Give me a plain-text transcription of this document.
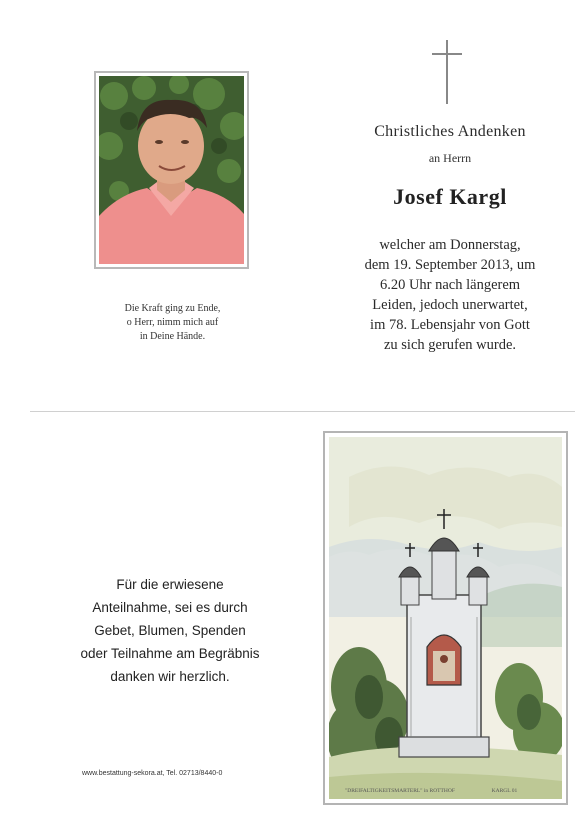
Die Kraft ging zu Ende,
o Herr, nimm mich auf
in Deine Hände.
Christliches Andenken
an Herrn
Josef Kargl
welcher am Donnerstag,
dem 19. September 2013, um
6.20 Uhr nach längerem
Leiden, jedoch unerwartet,
im 78. Lebensjahr von Gott
zu sich gerufen wurde.
Für die erwiesene
Anteilnahme, sei es durch
Gebet, Blumen, Spenden
oder Teilnahme am Begräbnis
danken wir herzlich.
www.bestattung-sekora.at, Tel. 02713/8440-0
"DREIFALTIGKEITSMARTERL" in ROTTHOF	KARGL 01
